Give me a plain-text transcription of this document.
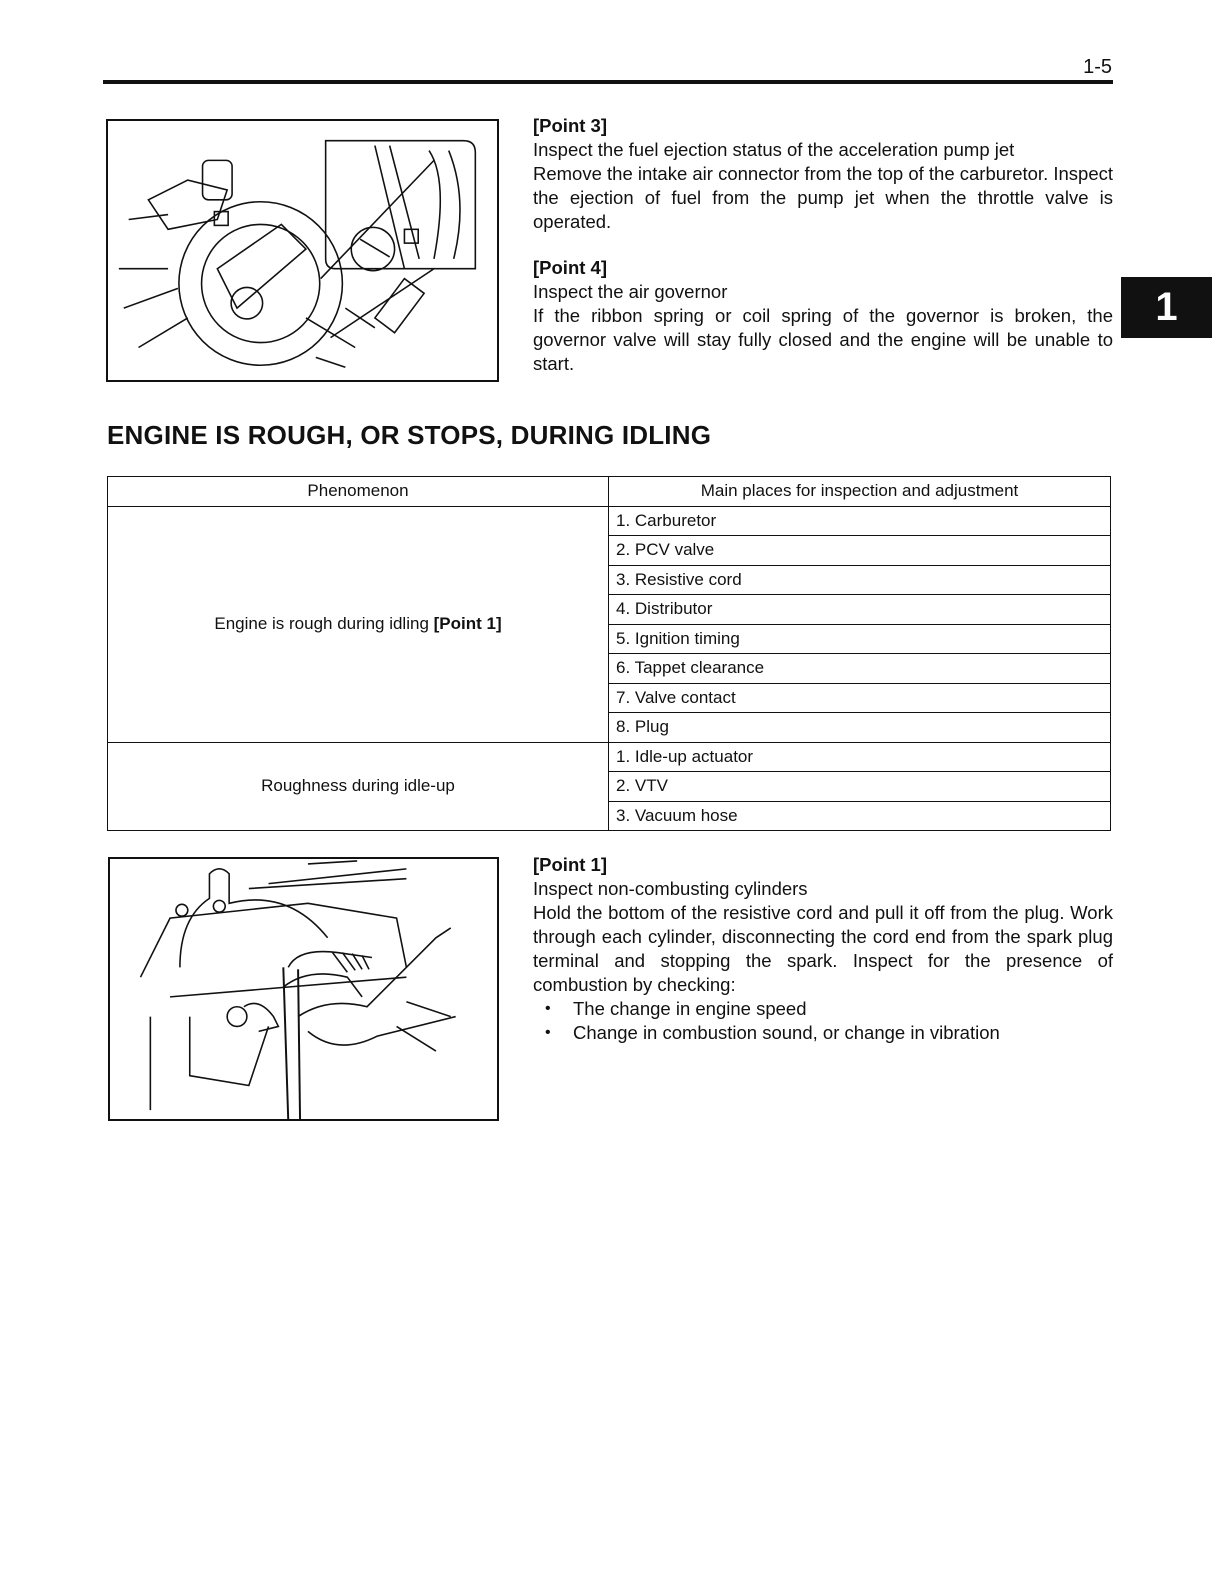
1-5
1
[Point 3]
Inspect the fuel ejection status of the acceleration pump jet
Remove the intake air connector from the top of the carburetor. Inspect the ejection of fuel from the pump jet when the throttle valve is operated.
[Point 4]
Inspect the air governor
If the ribbon spring or coil spring of the governor is broken, the governor valve will stay fully closed and the engine will be unable to start.
ENGINE IS ROUGH, OR STOPS, DURING IDLING
Phenomenon	Main places for inspection and adjustment
Engine is rough during idling [Point 1]	1. Carburetor
	2. PCV valve
	3. Resistive cord
	4. Distributor
	5. Ignition timing
	6. Tappet clearance
	7. Valve contact
	8. Plug
Roughness during idle-up	1. Idle-up actuator
	2. VTV
	3. Vacuum hose
[Point 1]
Inspect non-combusting cylinders
Hold the bottom of the resistive cord and pull it off from the plug. Work through each cylinder, disconnecting the cord end from the spark plug terminal and stopping the spark. Inspect for the presence of combustion by checking:
• The change in engine speed
• Change in combustion sound, or change in vibration
